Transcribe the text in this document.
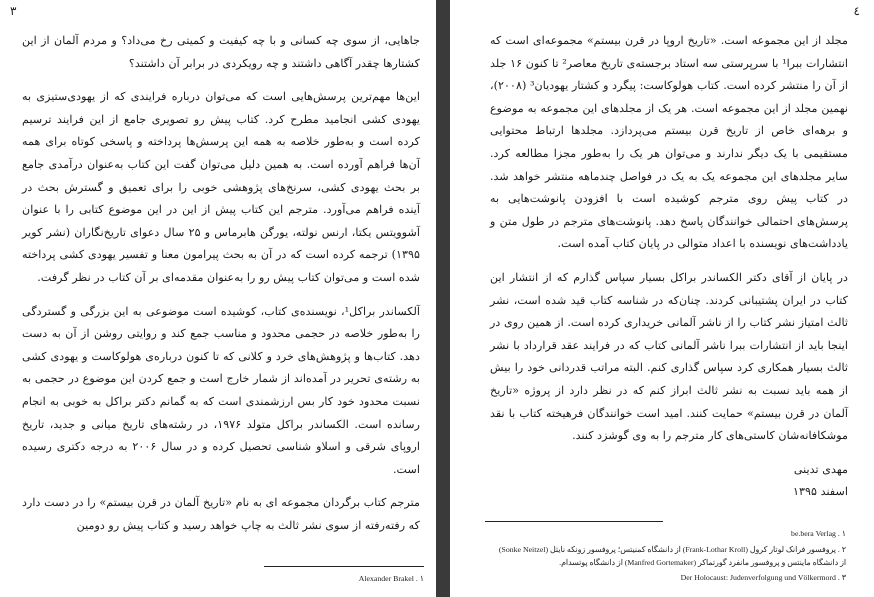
۳

جاهایی، از سوی چه کسانی و با چه کیفیت و کمیتی رخ می‌داد؟ و مردم آلمان از این کشتارها چقدر آگاهی داشتند و چه رویکردی در برابر آن داشتند؟

این‌ها مهم‌ترین پرسش‌هایی است که می‌توان درباره فرایندی که از یهودی‌ستیزی به یهودی کشی انجامید مطرح کرد. کتاب پیش رو تصویری جامع از این فرایند ترسیم کرده است و به‌طور خلاصه به همه این پرسش‌ها پرداخته و پاسخی کوتاه برای همه آن‌ها فراهم آورده است. به همین دلیل می‌توان گفت این کتاب به‌عنوان درآمدی جامع بر بحث یهودی کشی، سرنخ‌های پژوهشی خوبی را برای تعمیق و گسترش بحث در آینده فراهم می‌آورد. مترجم این کتاب پیش از این در این موضوع کتابی را با عنوان آشوویتس یکتا، ارنس نولته، یورگن هابرماس و ۲۵ سال دعوای تاریخ‌نگاران (نشر کویر ۱۳۹۵) ترجمه کرده است که در آن به بحث پیرامون معنا و تفسیر یهودی کشی پرداخته شده است و می‌توان کتاب پیش رو را به‌عنوان مقدمه‌ای بر آن کتاب در نظر گرفت.

آلکساندر براکل¹، نویسنده‌ی کتاب، کوشیده است موضوعی به این بزرگی و گستردگی را به‌طور خلاصه در حجمی محدود و مناسب جمع کند و روایتی روشن از آن به دست دهد. کتاب‌ها و پژوهش‌های خرد و کلانی که تا کنون درباره‌ی هولوکاست و یهودی کشی به رشته‌ی تحریر در آمده‌اند از شمار خارج است و جمع کردن این موضوع در حجمی به نسبت محدود خود کار بس ارزشمندی است که به گمانم دکتر براکل به خوبی به انجام رسانده است. الکساندر براکل متولد ۱۹۷۶، در رشته‌های تاریخ میانی و جدید، تاریخ اروپای شرقی و اسلاو شناسی تحصیل کرده و در سال ۲۰۰۶ به درجه دکتری رسیده است.

مترجم کتاب برگردان مجموعه ای به نام «تاریخ آلمان در قرن بیستم» را در دست دارد که رفته‌رفته از سوی نشر ثالث به چاپ خواهد رسید و کتاب پیش رو دومین

۱ . Alexander Brakel
٤

مجلد از این مجموعه است. «تاریخ اروپا در قرن بیستم» مجموعه‌ای است که انتشارات ببرا¹ با سرپرستی سه استاد برجسته‌ی تاریخ معاصر² تا کنون ۱۶ جلد از آن را منتشر کرده است. کتاب هولوکاست: پیگرد و کشتار یهودیان³ (۲۰۰۸)، نهمین مجلد از این مجموعه است. هر یک از مجلدهای این مجموعه به موضوع و برهه‌ای خاص از تاریخ قرن بیستم می‌پردازد. مجلدها ارتباط محتوایی مستقیمی با یک دیگر ندارند و می‌توان هر یک را به‌طور مجزا مطالعه کرد. سایر مجلدهای این مجموعه یک به یک در فواصل چندماهه منتشر خواهد شد. در کتاب پیش روی مترجم کوشیده است با افزودن پانوشت‌هایی به پرسش‌های احتمالی خوانندگان پاسخ دهد. پانوشت‌های مترجم در طول متن و یادداشت‌های نویسنده با اعداد متوالی در پایان کتاب آمده است.

در پایان از آقای دکتر الکساندر براکل بسیار سپاس گذارم که از انتشار این کتاب در ایران پشتیبانی کردند. چنان‌که در شناسه کتاب قید شده است، نشر ثالث امتیاز نشر کتاب را از ناشر آلمانی خریداری کرده است. از همین روی در اینجا باید از انتشارات ببرا ناشر آلمانی کتاب که در فرایند عقد قرارداد با نشر ثالث بسیار همکاری کرد سپاس گذاری کنم. البته مراتب قدردانی خود را بیش از همه باید نسبت به نشر ثالث ابراز کنم که در نظر دارد از پروژه «تاریخ آلمان در قرن بیستم» حمایت کنند. امید است خوانندگان فرهیخته کتاب با نقد موشکافانه‌شان کاستی‌های کار مترجم را به وی گوشزد کنند.

مهدی تدینی

اسفند ۱۳۹۵

۱ . be.bera Verlag
۲ . پروفسور فرانک لوتار کرول (Frank-Lothar Kroll) از دانشگاه کمنیتس؛ پروفسور زونکه نایتل (Sonke Neitzel)
از دانشگاه ماینتس و پروفسور مانفرد گورتماکر (Manfred Gortemaker) از دانشگاه پوتسدام.
۳ . Der Holocaust: Judenverfolgung und Völkermord
